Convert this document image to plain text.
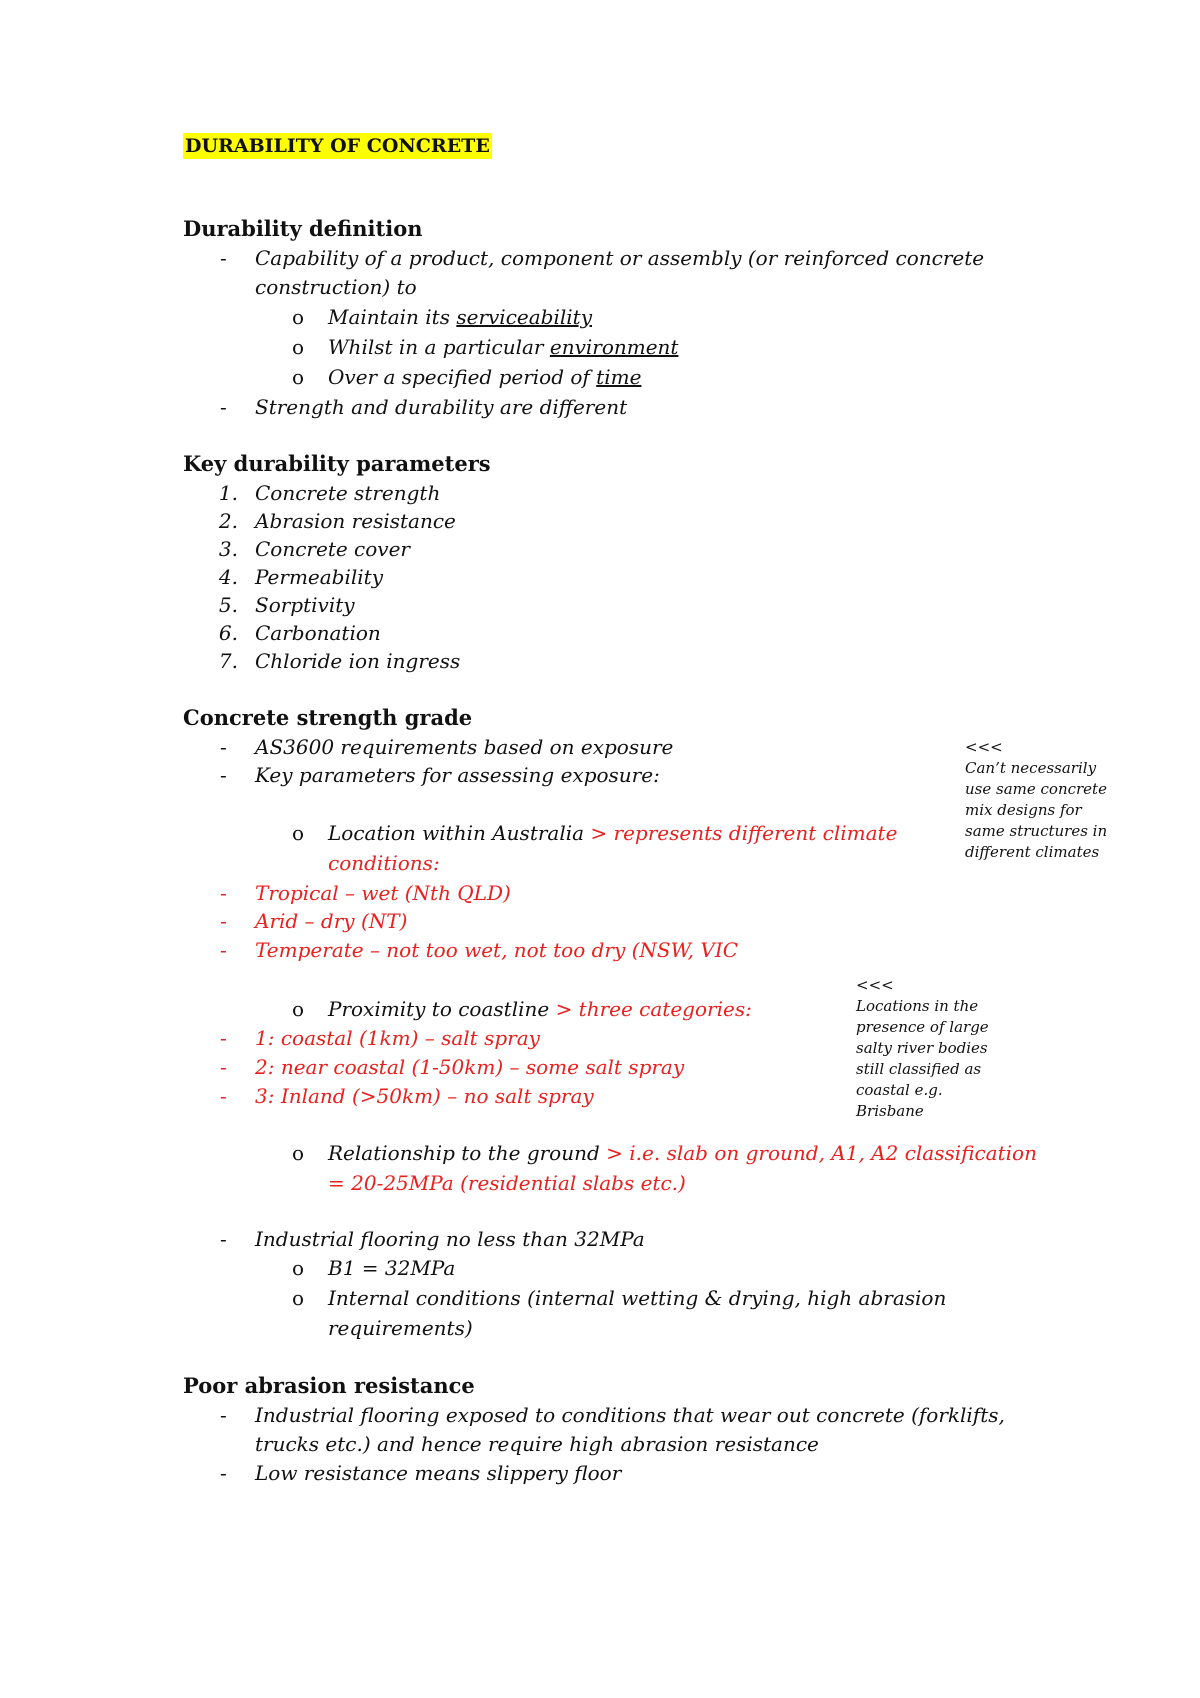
DURABILITY OF CONCRETE
Durability definition
- Capability of a product, component or assembly (or reinforced concrete
construction) to
o Maintain its serviceability
o Whilst in a particular environment
o Over a specified period of time
- Strength and durability are different
Key durability parameters
1. Concrete strength
2. Abrasion resistance
3. Concrete cover
4. Permeability
5. Sorptivity
6. Carbonation
7. Chloride ion ingress
Concrete strength grade
- AS3600 requirements based on exposure
- Key parameters for assessing exposure:
o Location within Australia > represents different climate
conditions:
- Tropical – wet (Nth QLD)
- Arid – dry (NT)
- Temperate – not too wet, not too dry (NSW, VIC
o Proximity to coastline > three categories:
- 1: coastal (1km) – salt spray
- 2: near coastal (1-50km) – some salt spray
- 3: Inland (>50km) – no salt spray
o Relationship to the ground > i.e. slab on ground, A1, A2 classification
= 20-25MPa (residential slabs etc.)
- Industrial flooring no less than 32MPa
o B1 = 32MPa
o Internal conditions (internal wetting & drying, high abrasion
requirements)
Poor abrasion resistance
- Industrial flooring exposed to conditions that wear out concrete (forklifts,
trucks etc.) and hence require high abrasion resistance
- Low resistance means slippery floor
<<<
Can’t necessarily
use same concrete
mix designs for
same structures in
different climates
<<<
Locations in the
presence of large
salty river bodies
still classified as
coastal e.g.
Brisbane
